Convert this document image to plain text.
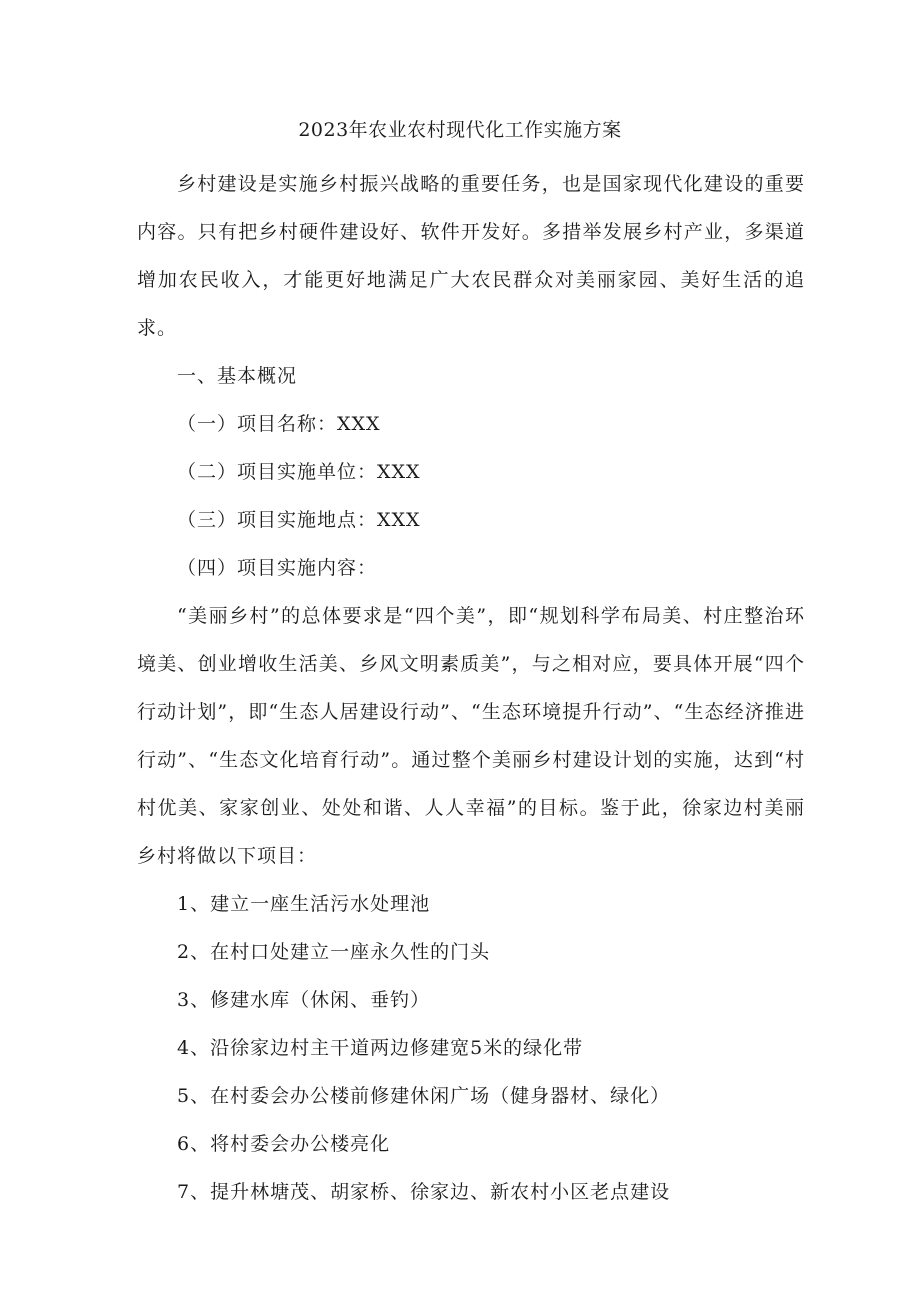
2023年农业农村现代化工作实施方案

乡村建设是实施乡村振兴战略的重要任务，也是国家现代化建设的重要内容。只有把乡村硬件建设好、软件开发好。多措举发展乡村产业，多渠道增加农民收入，才能更好地满足广大农民群众对美丽家园、美好生活的追求。

一、基本概况

（一）项目名称：XXX

（二）项目实施单位：XXX

（三）项目实施地点：XXX

（四）项目实施内容：

“美丽乡村”的总体要求是“四个美”，即“规划科学布局美、村庄整治环境美、创业增收生活美、乡风文明素质美”，与之相对应，要具体开展“四个行动计划”，即“生态人居建设行动”、“生态环境提升行动”、“生态经济推进行动”、“生态文化培育行动”。通过整个美丽乡村建设计划的实施，达到“村村优美、家家创业、处处和谐、人人幸福”的目标。鉴于此，徐家边村美丽乡村将做以下项目：

1、建立一座生活污水处理池
2、在村口处建立一座永久性的门头
3、修建水库（休闲、垂钓）
4、沿徐家边村主干道两边修建宽5米的绿化带
5、在村委会办公楼前修建休闲广场（健身器材、绿化）
6、将村委会办公楼亮化
7、提升林塘茂、胡家桥、徐家边、新农村小区老点建设
